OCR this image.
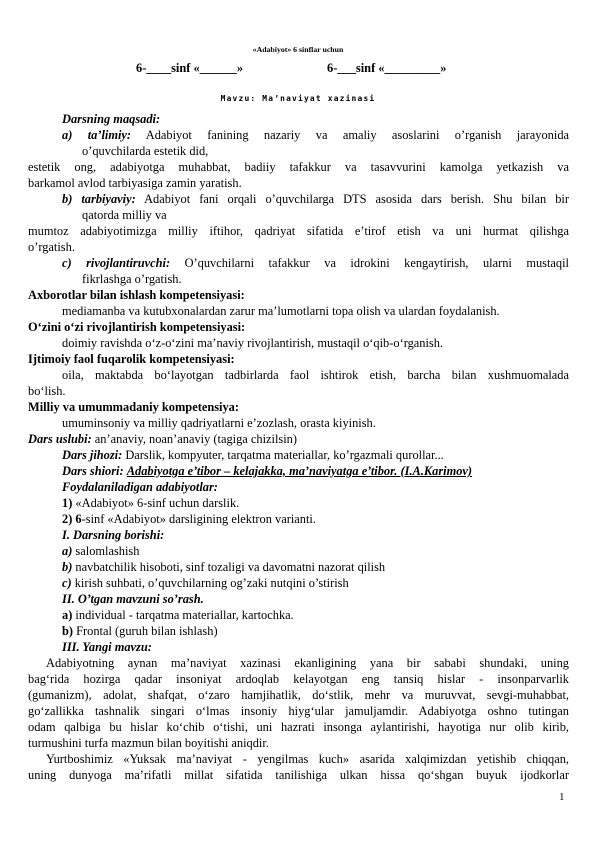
«Adabiyot» 6 sinflar uchun
6-____sinf «______»	6-___sinf «_________»
Mavzu: Ma’naviyat xazinasi
Darsning maqsadi:
a) ta’limiy: Adabiyot fanining nazariy va amaliy asoslarini o’rganish jarayonida
o’quvchilarda estetik did,
estetik ong, adabiyotga muhabbat, badiiy tafakkur va tasavvurini kamolga yetkazish va
barkamol avlod tarbiyasiga zamin yaratish.
b) tarbiyaviy: Adabiyot fani orqali o’quvchilarga DTS asosida dars berish. Shu bilan bir
qatorda milliy va
mumtoz adabiyotimizga milliy iftihor, qadriyat sifatida e’tirof etish va uni hurmat qilishga
o’rgatish.
c) rivojlantiruvchi: O’quvchilarni tafakkur va idrokini kengaytirish, ularni mustaqil
fikrlashga o’rgatish.
Axborotlar bilan ishlash kompetensiyasi:
mediamanba va kutubxonalardan zarur ma’lumotlarni topa olish va ulardan foydalanish.
O‘zini o‘zi rivojlantirish kompetensiyasi:
doimiy ravishda o‘z-o‘zini ma’naviy rivojlantirish, mustaqil o‘qib-o‘rganish.
Ijtimoiy faol fuqarolik kompetensiyasi:
oila, maktabda bo‘layotgan tadbirlarda faol ishtirok etish, barcha bilan xushmuomalada
bo‘lish.
Milliy va umummadaniy kompetensiya:
umuminsoniy va milliy qadriyatlarni e’zozlash, orasta kiyinish.
Dars uslubi: an’anaviy, noan’anaviy (tagiga chizilsin)
Dars jihozi: Darslik, kompyuter, tarqatma materiallar, ko’rgazmali qurollar...
Dars shiori: Adabiyotga e’tibor – kelajakka, ma’naviyatga e’tibor. (I.A.Karimov)
Foydalaniladigan adabiyotlar:
1) «Adabiyot» 6-sinf uchun darslik.
2) 6-sinf «Adabiyot» darsligining elektron varianti.
I. Darsning borishi:
a) salomlashish
b) navbatchilik hisoboti, sinf tozaligi va davomatni nazorat qilish
c) kirish suhbati, o’quvchilarning og’zaki nutqini o’stirish
II. O’tgan mavzuni so’rash.
a) individual - tarqatma materiallar, kartochka.
b) Frontal (guruh bilan ishlash)
III. Yangi mavzu:
Adabiyotning aynan ma’naviyat xazinasi ekanligining yana bir sababi shundaki, uning
bag‘rida hozirga qadar insoniyat ardoqlab kelayotgan eng tansiq hislar - insonparvarlik
(gumanizm), adolat, shafqat, o‘zaro hamjihatlik, do‘stlik, mehr va muruvvat, sevgi-muhabbat,
go‘zallikka tashnalik singari o‘lmas insoniy hiyg‘ular jamuljamdir. Adabiyotga oshno tutingan
odam qalbiga bu hislar ko‘chib o‘tishi, uni hazrati insonga aylantirishi, hayotiga nur olib kirib,
turmushini turfa mazmun bilan boyitishi aniqdir.
Yurtboshimiz «Yuksak ma’naviyat - yengilmas kuch» asarida xalqimizdan yetishib chiqqan,
uning dunyoga ma’rifatli millat sifatida tanilishiga ulkan hissa qo‘shgan buyuk ijodkorlar
1
